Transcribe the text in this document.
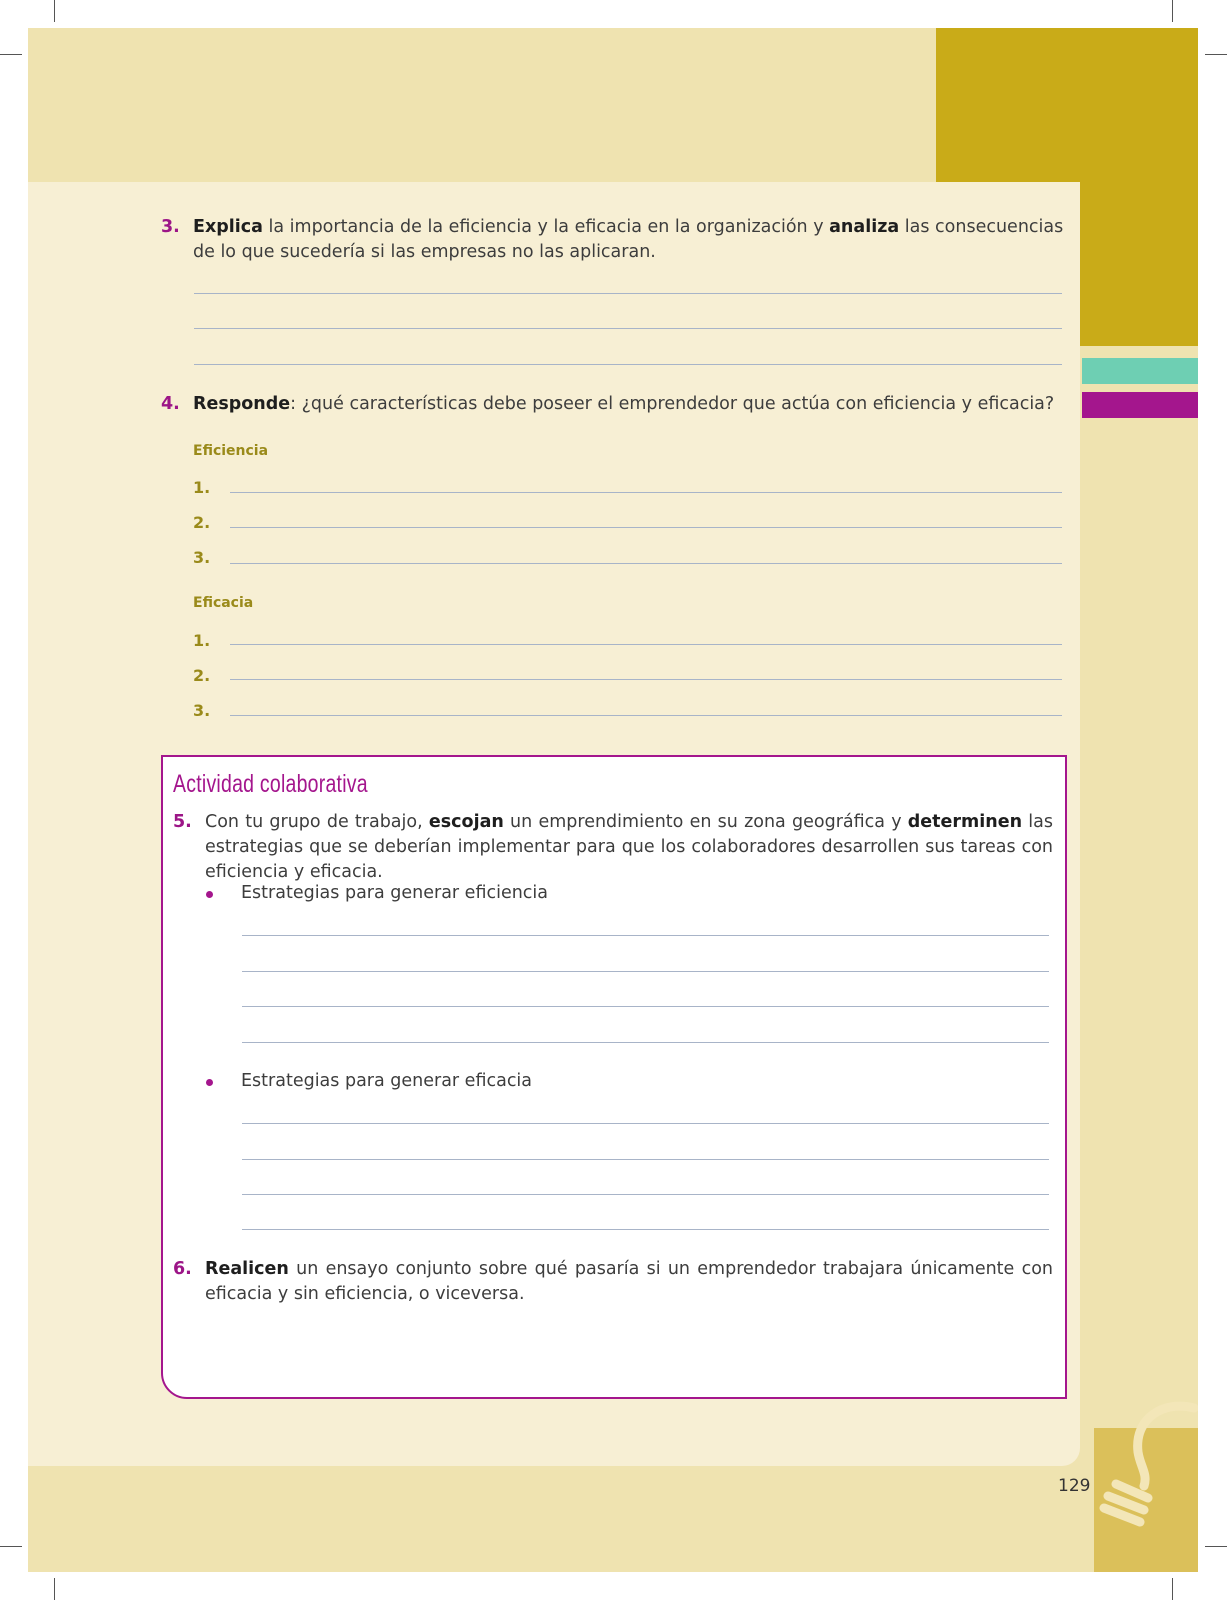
129
3. Explica la importancia de la eficiencia y la eficacia en la organización y analiza las consecuencias de lo que sucedería si las empresas no las aplicaran.
4. Responde: ¿qué características debe poseer el emprendedor que actúa con eficiencia y eficacia?
Eficiencia
1.
2.
3.
Eficacia
1.
2.
3.
Actividad colaborativa
5. Con tu grupo de trabajo, escojan un emprendimiento en su zona geográfica y determinen las estrategias que se deberían implementar para que los colaboradores desarrollen sus tareas con eficiencia y eficacia.
Estrategias para generar eficiencia
Estrategias para generar eficacia
6. Realicen un ensayo conjunto sobre qué pasaría si un emprendedor trabajara únicamente con eficacia y sin eficiencia, o viceversa.
